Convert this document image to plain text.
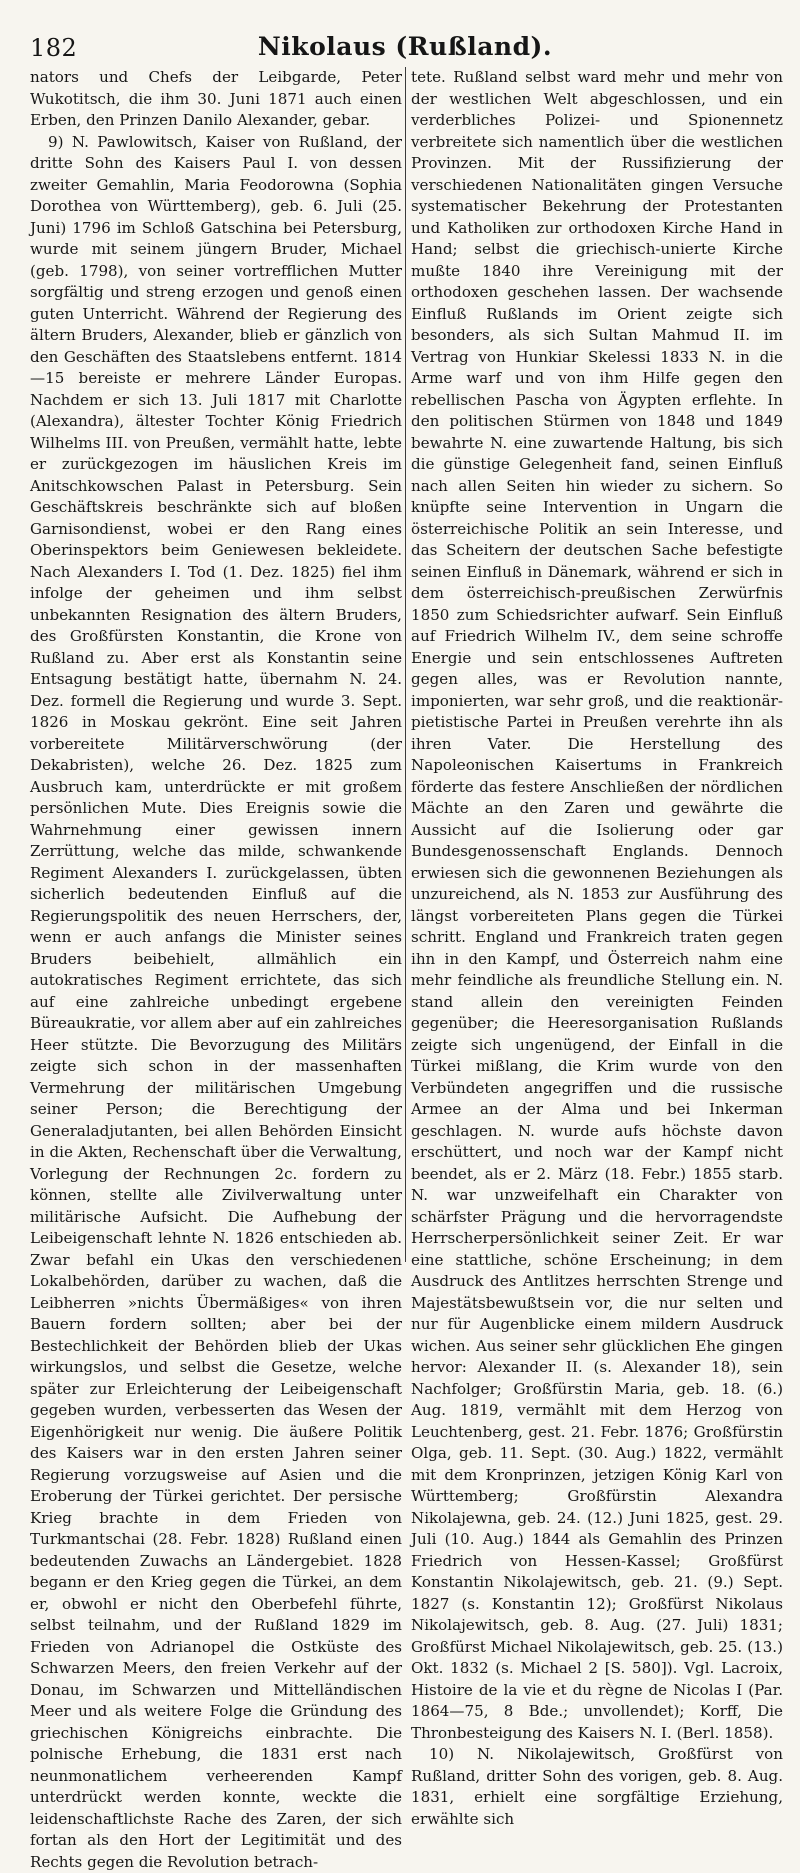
182	Nikolaus (Rußland).

nators und Chefs der Leibgarde, Peter Wukotitsch, die ihm 30. Juni 1871 auch einen Erben, den Prinzen Danilo Alexander, gebar.

9) N. Pawlowitsch, Kaiser von Rußland, der dritte Sohn des Kaisers Paul I. von dessen zweiter Gemahlin, Maria Feodorowna (Sophia Dorothea von Württemberg), geb. 6. Juli (25. Juni) 1796 im Schloß Gatschina bei Petersburg, wurde mit seinem jüngern Bruder, Michael (geb. 1798), von seiner vortrefflichen Mutter sorgfältig und streng erzogen und genoß einen guten Unterricht. Während der Regierung des ältern Bruders, Alexander, blieb er gänzlich von den Geschäften des Staatslebens entfernt. 1814—15 bereiste er mehrere Länder Europas. Nachdem er sich 13. Juli 1817 mit Charlotte (Alexandra), ältester Tochter König Friedrich Wilhelms III. von Preußen, vermählt hatte, lebte er zurückgezogen im häuslichen Kreis im Anitschkowschen Palast in Petersburg. Sein Geschäftskreis beschränkte sich auf bloßen Garnisondienst, wobei er den Rang eines Oberinspektors beim Geniewesen bekleidete. Nach Alexanders I. Tod (1. Dez. 1825) fiel ihm infolge der geheimen und ihm selbst unbekannten Resignation des ältern Bruders, des Großfürsten Konstantin, die Krone von Rußland zu. Aber erst als Konstantin seine Entsagung bestätigt hatte, übernahm N. 24. Dez. formell die Regierung und wurde 3. Sept. 1826 in Moskau gekrönt. Eine seit Jahren vorbereitete Militärverschwörung (der Dekabristen), welche 26. Dez. 1825 zum Ausbruch kam, unterdrückte er mit großem persönlichen Mute. Dies Ereignis sowie die Wahrnehmung einer gewissen innern Zerrüttung, welche das milde, schwankende Regiment Alexanders I. zurückgelassen, übten sicherlich bedeutenden Einfluß auf die Regierungspolitik des neuen Herrschers, der, wenn er auch anfangs die Minister seines Bruders beibehielt, allmählich ein autokratisches Regiment errichtete, das sich auf eine zahlreiche unbedingt ergebene Büreaukratie, vor allem aber auf ein zahlreiches Heer stützte. Die Bevorzugung des Militärs zeigte sich schon in der massenhaften Vermehrung der militärischen Umgebung seiner Person; die Berechtigung der Generaladjutanten, bei allen Behörden Einsicht in die Akten, Rechenschaft über die Verwaltung, Vorlegung der Rechnungen 2c. fordern zu können, stellte alle Zivilverwaltung unter militärische Aufsicht. Die Aufhebung der Leibeigenschaft lehnte N. 1826 entschieden ab. Zwar befahl ein Ukas den verschiedenen Lokalbehörden, darüber zu wachen, daß die Leibherren »nichts Übermäßiges« von ihren Bauern fordern sollten; aber bei der Bestechlichkeit der Behörden blieb der Ukas wirkungslos, und selbst die Gesetze, welche später zur Erleichterung der Leibeigenschaft gegeben wurden, verbesserten das Wesen der Eigenhörigkeit nur wenig. Die äußere Politik des Kaisers war in den ersten Jahren seiner Regierung vorzugsweise auf Asien und die Eroberung der Türkei gerichtet. Der persische Krieg brachte in dem Frieden von Turkmantschai (28. Febr. 1828) Rußland einen bedeutenden Zuwachs an Ländergebiet. 1828 begann er den Krieg gegen die Türkei, an dem er, obwohl er nicht den Oberbefehl führte, selbst teilnahm, und der Rußland 1829 im Frieden von Adrianopel die Ostküste des Schwarzen Meers, den freien Verkehr auf der Donau, im Schwarzen und Mittelländischen Meer und als weitere Folge die Gründung des griechischen Königreichs einbrachte. Die polnische Erhebung, die 1831 erst nach neunmonatlichem verheerenden Kampf unterdrückt werden konnte, weckte die leidenschaftlichste Rache des Zaren, der sich fortan als den Hort der Legitimität und des Rechts gegen die Revolution betrach-

tete. Rußland selbst ward mehr und mehr von der westlichen Welt abgeschlossen, und ein verderbliches Polizei- und Spionennetz verbreitete sich namentlich über die westlichen Provinzen. Mit der Russifizierung der verschiedenen Nationalitäten gingen Versuche systematischer Bekehrung der Protestanten und Katholiken zur orthodoxen Kirche Hand in Hand; selbst die griechisch-unierte Kirche mußte 1840 ihre Vereinigung mit der orthodoxen geschehen lassen. Der wachsende Einfluß Rußlands im Orient zeigte sich besonders, als sich Sultan Mahmud II. im Vertrag von Hunkiar Skelessi 1833 N. in die Arme warf und von ihm Hilfe gegen den rebellischen Pascha von Ägypten erflehte. In den politischen Stürmen von 1848 und 1849 bewahrte N. eine zuwartende Haltung, bis sich die günstige Gelegenheit fand, seinen Einfluß nach allen Seiten hin wieder zu sichern. So knüpfte seine Intervention in Ungarn die österreichische Politik an sein Interesse, und das Scheitern der deutschen Sache befestigte seinen Einfluß in Dänemark, während er sich in dem österreichisch-preußischen Zerwürfnis 1850 zum Schiedsrichter aufwarf. Sein Einfluß auf Friedrich Wilhelm IV., dem seine schroffe Energie und sein entschlossenes Auftreten gegen alles, was er Revolution nannte, imponierten, war sehr groß, und die reaktionär-pietistische Partei in Preußen verehrte ihn als ihren Vater. Die Herstellung des Napoleonischen Kaisertums in Frankreich förderte das festere Anschließen der nördlichen Mächte an den Zaren und gewährte die Aussicht auf die Isolierung oder gar Bundesgenossenschaft Englands. Dennoch erwiesen sich die gewonnenen Beziehungen als unzureichend, als N. 1853 zur Ausführung des längst vorbereiteten Plans gegen die Türkei schritt. England und Frankreich traten gegen ihn in den Kampf, und Österreich nahm eine mehr feindliche als freundliche Stellung ein. N. stand allein den vereinigten Feinden gegenüber; die Heeresorganisation Rußlands zeigte sich ungenügend, der Einfall in die Türkei mißlang, die Krim wurde von den Verbündeten angegriffen und die russische Armee an der Alma und bei Inkerman geschlagen. N. wurde aufs höchste davon erschüttert, und noch war der Kampf nicht beendet, als er 2. März (18. Febr.) 1855 starb. N. war unzweifelhaft ein Charakter von schärfster Prägung und die hervorragendste Herrscherpersönlichkeit seiner Zeit. Er war eine stattliche, schöne Erscheinung; in dem Ausdruck des Antlitzes herrschten Strenge und Majestätsbewußtsein vor, die nur selten und nur für Augenblicke einem mildern Ausdruck wichen. Aus seiner sehr glücklichen Ehe gingen hervor: Alexander II. (s. Alexander 18), sein Nachfolger; Großfürstin Maria, geb. 18. (6.) Aug. 1819, vermählt mit dem Herzog von Leuchtenberg, gest. 21. Febr. 1876; Großfürstin Olga, geb. 11. Sept. (30. Aug.) 1822, vermählt mit dem Kronprinzen, jetzigen König Karl von Württemberg; Großfürstin Alexandra Nikolajewna, geb. 24. (12.) Juni 1825, gest. 29. Juli (10. Aug.) 1844 als Gemahlin des Prinzen Friedrich von Hessen-Kassel; Großfürst Konstantin Nikolajewitsch, geb. 21. (9.) Sept. 1827 (s. Konstantin 12); Großfürst Nikolaus Nikolajewitsch, geb. 8. Aug. (27. Juli) 1831; Großfürst Michael Nikolajewitsch, geb. 25. (13.) Okt. 1832 (s. Michael 2 [S. 580]). Vgl. Lacroix, Histoire de la vie et du règne de Nicolas I (Par. 1864—75, 8 Bde.; unvollendet); Korff, Die Thronbesteigung des Kaisers N. I. (Berl. 1858).

10) N. Nikolajewitsch, Großfürst von Rußland, dritter Sohn des vorigen, geb. 8. Aug. 1831, erhielt eine sorgfältige Erziehung, erwählte sich
